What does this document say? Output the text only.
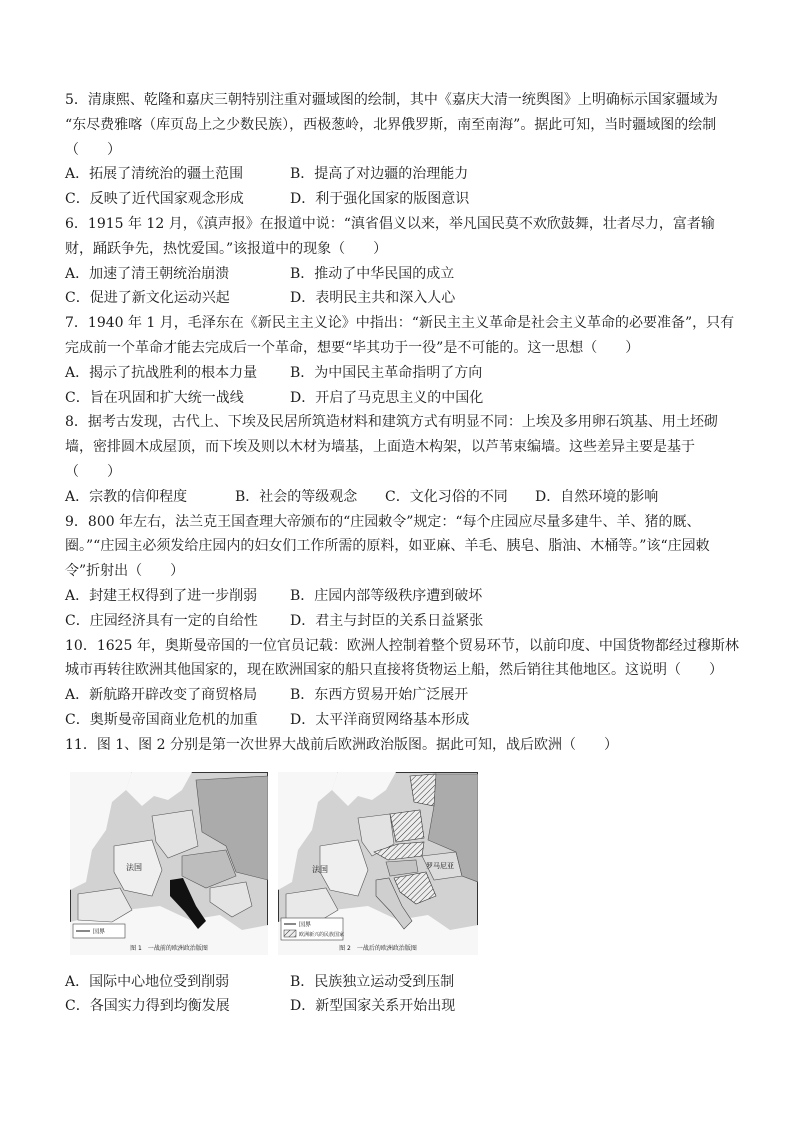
5．清康熙、乾隆和嘉庆三朝特别注重对疆域图的绘制，其中《嘉庆大清一统舆图》上明确标示国家疆域为
“东尽费雅喀（库页岛上之少数民族），西极葱岭，北界俄罗斯，南至南海”。据此可知，当时疆域图的绘制
（　　）
A．拓展了清统治的疆土范围	B．提高了对边疆的治理能力
C．反映了近代国家观念形成	D．利于强化国家的版图意识
6．1915 年 12 月，《滇声报》在报道中说：“滇省倡义以来，举凡国民莫不欢欣鼓舞，壮者尽力，富者输
财，踊跃争先，热忱爱国。”该报道中的现象（　　）
A．加速了清王朝统治崩溃	B．推动了中华民国的成立
C．促进了新文化运动兴起	D．表明民主共和深入人心
7．1940 年 1 月，毛泽东在《新民主主义论》中指出：“新民主主义革命是社会主义革命的必要准备”，只有
完成前一个革命才能去完成后一个革命，想要“毕其功于一役”是不可能的。这一思想（　　）
A．揭示了抗战胜利的根本力量 B．为中国民主革命指明了方向
C．旨在巩固和扩大统一战线	D．开启了马克思主义的中国化
8．据考古发现，古代上、下埃及民居所筑造材料和建筑方式有明显不同：上埃及多用卵石筑基、用土坯砌
墙，密排圆木成屋顶，而下埃及则以木材为墙基，上面造木构架，以芦苇束编墙。这些差异主要是基于
（　　）
A．宗教的信仰程度	B．社会的等级观念 C．文化习俗的不同 D．自然环境的影响
9．800 年左右，法兰克王国查理大帝颁布的“庄园敕令”规定：“每个庄园应尽量多建牛、羊、猪的厩、
圈。”“庄园主必须发给庄园内的妇女们工作所需的原料，如亚麻、羊毛、胰皂、脂油、木桶等。”该“庄园敕
令”折射出（　　）
A．封建王权得到了进一步削弱 B．庄园内部等级秩序遭到破坏
C．庄园经济具有一定的自给性 D．君主与封臣的关系日益紧张
10．1625 年，奥斯曼帝国的一位官员记载：欧洲人控制着整个贸易环节，以前印度、中国货物都经过穆斯林
城市再转往欧洲其他国家的，现在欧洲国家的船只直接将货物运上船，然后销往其他地区。这说明（　　）
A．新航路开辟改变了商贸格局 B．东西方贸易开始广泛展开
C．奥斯曼帝国商业危机的加重 D．太平洋商贸网络基本形成
11．图 1、图 2 分别是第一次世界大战前后欧洲政治版图。据此可知，战后欧洲（　　）
法国
国界
图 1　一战前的欧洲政治版图
法国	罗马尼亚
国界
欧洲新兴的民族国家
图 2　一战后的欧洲政治版图
A．国际中心地位受到削弱	B．民族独立运动受到压制
C．各国实力得到均衡发展	D．新型国家关系开始出现
